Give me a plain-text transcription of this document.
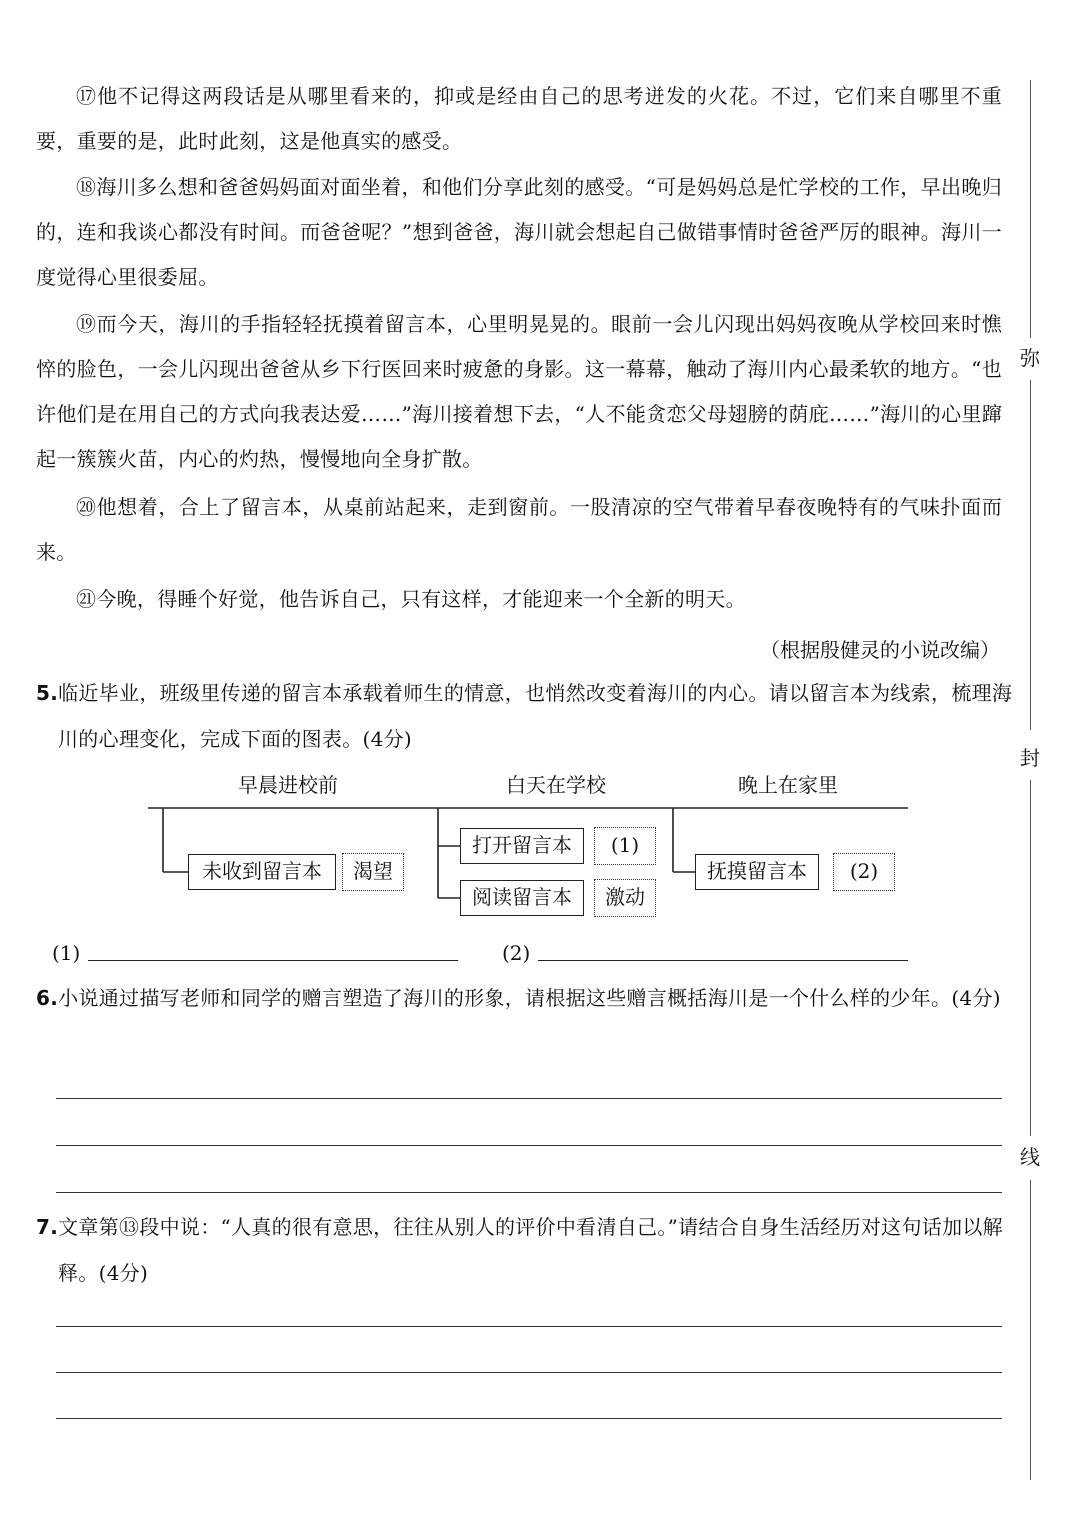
⑰他不记得这两段话是从哪里看来的，抑或是经由自己的思考迸发的火花。不过，它们来自哪里不重要，重要的是，此时此刻，这是他真实的感受。

⑱海川多么想和爸爸妈妈面对面坐着，和他们分享此刻的感受。“可是妈妈总是忙学校的工作，早出晚归的，连和我谈心都没有时间。而爸爸呢？”想到爸爸，海川就会想起自己做错事情时爸爸严厉的眼神。海川一度觉得心里很委屈。

⑲而今天，海川的手指轻轻抚摸着留言本，心里明晃晃的。眼前一会儿闪现出妈妈夜晚从学校回来时憔悴的脸色，一会儿闪现出爸爸从乡下行医回来时疲惫的身影。这一幕幕，触动了海川内心最柔软的地方。“也许他们是在用自己的方式向我表达爱……”海川接着想下去，“人不能贪恋父母翅膀的荫庇……”海川的心里蹿起一簇簇火苗，内心的灼热，慢慢地向全身扩散。

⑳他想着，合上了留言本，从桌前站起来，走到窗前。一股清凉的空气带着早春夜晚特有的气味扑面而来。

㉑今晚，得睡个好觉，他告诉自己，只有这样，才能迎来一个全新的明天。

（根据殷健灵的小说改编）

5.临近毕业，班级里传递的留言本承载着师生的情意，也悄然改变着海川的内心。请以留言本为线索，梳理海川的心理变化，完成下面的图表。(4分)

早晨进校前	白天在学校	晚上在家里
未收到留言本	渴望
打开留言本	(1)
阅读留言本	激动
抚摸留言本	(2)
(1)	(2)

6.小说通过描写老师和同学的赠言塑造了海川的形象，请根据这些赠言概括海川是一个什么样的少年。(4分)

7.文章第⑬段中说：“人真的很有意思，往往从别人的评价中看清自己。”请结合自身生活经历对这句话加以解释。(4分)

弥
封
线
